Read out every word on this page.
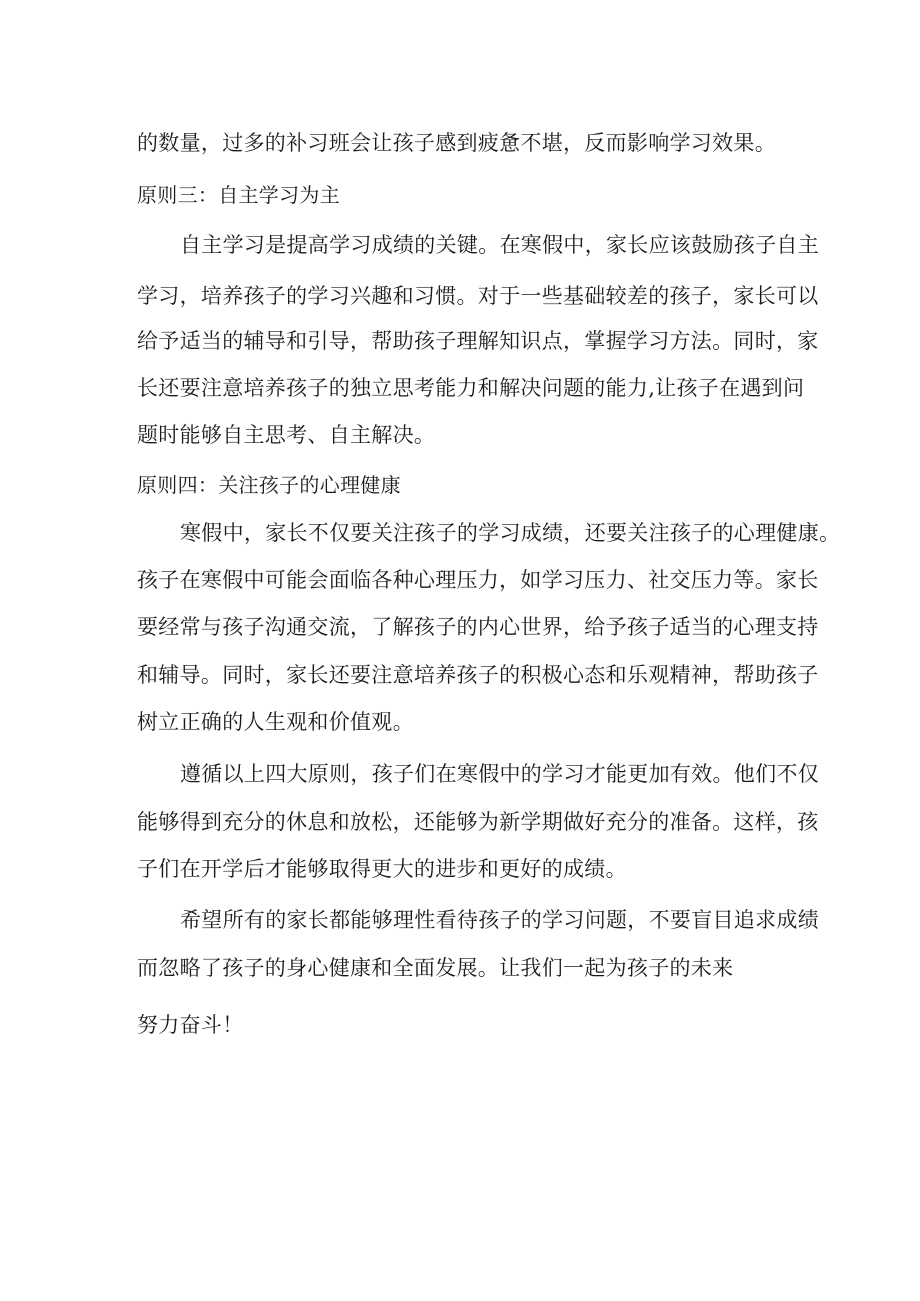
的数量，过多的补习班会让孩子感到疲惫不堪，反而影响学习效果。

原则三：自主学习为主

自主学习是提高学习成绩的关键。在寒假中，家长应该鼓励孩子自主

学习，培养孩子的学习兴趣和习惯。对于一些基础较差的孩子，家长可以

给予适当的辅导和引导，帮助孩子理解知识点，掌握学习方法。同时，家

长还要注意培养孩子的独立思考能力和解决问题的能力,让孩子在遇到问

题时能够自主思考、自主解决。

原则四：关注孩子的心理健康

寒假中，家长不仅要关注孩子的学习成绩，还要关注孩子的心理健康。

孩子在寒假中可能会面临各种心理压力，如学习压力、社交压力等。家长

要经常与孩子沟通交流，了解孩子的内心世界，给予孩子适当的心理支持

和辅导。同时，家长还要注意培养孩子的积极心态和乐观精神，帮助孩子

树立正确的人生观和价值观。

遵循以上四大原则，孩子们在寒假中的学习才能更加有效。他们不仅

能够得到充分的休息和放松，还能够为新学期做好充分的准备。这样，孩

子们在开学后才能够取得更大的进步和更好的成绩。

希望所有的家长都能够理性看待孩子的学习问题，不要盲目追求成绩

而忽略了孩子的身心健康和全面发展。让我们一起为孩子的未来

努力奋斗！
